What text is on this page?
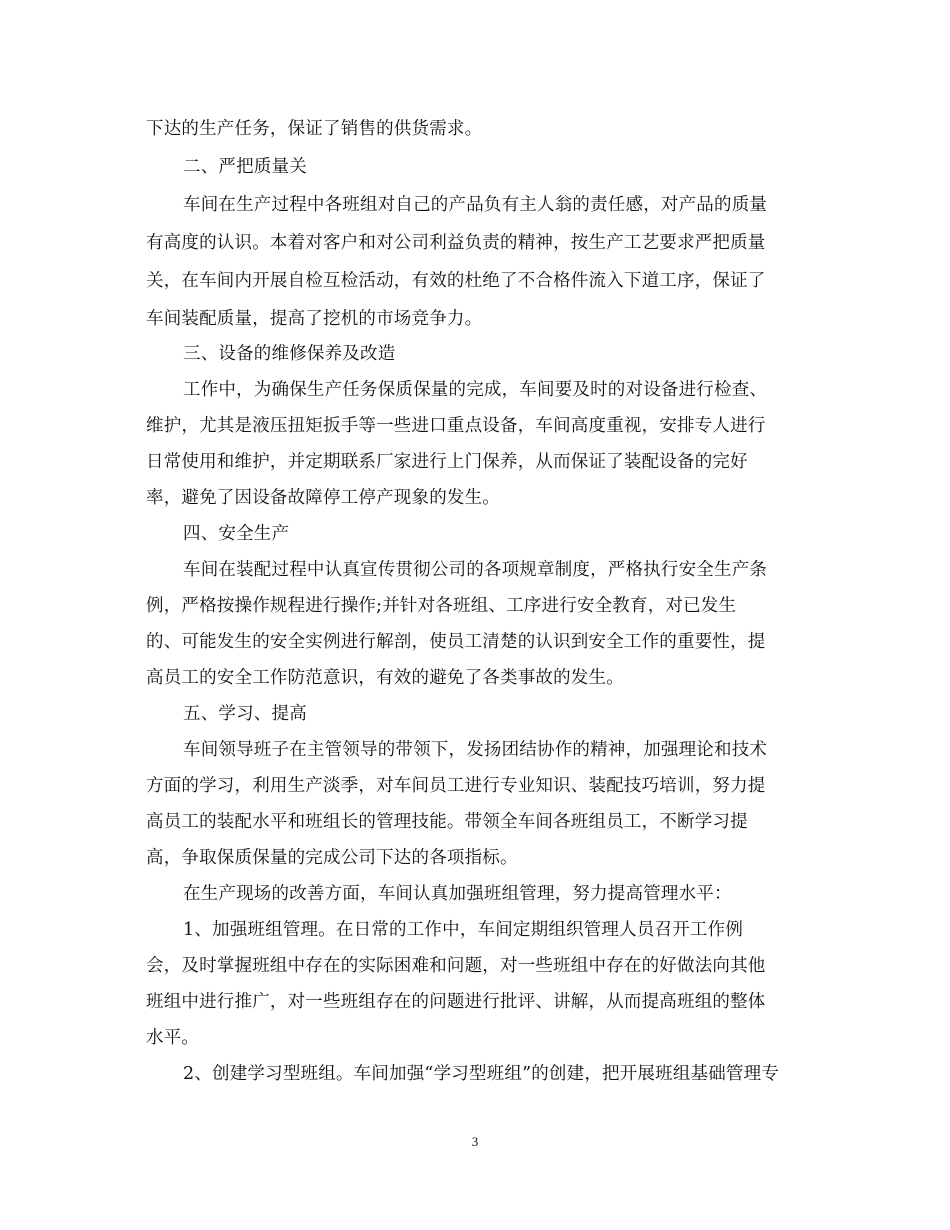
下达的生产任务，保证了销售的供货需求。
二、严把质量关
车间在生产过程中各班组对自己的产品负有主人翁的责任感，对产品的质量
有高度的认识。本着对客户和对公司利益负责的精神，按生产工艺要求严把质量
关，在车间内开展自检互检活动，有效的杜绝了不合格件流入下道工序，保证了
车间装配质量，提高了挖机的市场竞争力。
三、设备的维修保养及改造
工作中，为确保生产任务保质保量的完成，车间要及时的对设备进行检查、
维护，尤其是液压扭矩扳手等一些进口重点设备，车间高度重视，安排专人进行
日常使用和维护，并定期联系厂家进行上门保养，从而保证了装配设备的完好
率，避免了因设备故障停工停产现象的发生。
四、安全生产
车间在装配过程中认真宣传贯彻公司的各项规章制度，严格执行安全生产条
例，严格按操作规程进行操作;并针对各班组、工序进行安全教育，对已发生
的、可能发生的安全实例进行解剖，使员工清楚的认识到安全工作的重要性，提
高员工的安全工作防范意识，有效的避免了各类事故的发生。
五、学习、提高
车间领导班子在主管领导的带领下，发扬团结协作的精神，加强理论和技术
方面的学习，利用生产淡季，对车间员工进行专业知识、装配技巧培训，努力提
高员工的装配水平和班组长的管理技能。带领全车间各班组员工，不断学习提
高，争取保质保量的完成公司下达的各项指标。
在生产现场的改善方面，车间认真加强班组管理，努力提高管理水平：
1、加强班组管理。在日常的工作中，车间定期组织管理人员召开工作例
会，及时掌握班组中存在的实际困难和问题，对一些班组中存在的好做法向其他
班组中进行推广，对一些班组存在的问题进行批评、讲解，从而提高班组的整体
水平。
2、创建学习型班组。车间加强“学习型班组”的创建，把开展班组基础管理专
3
